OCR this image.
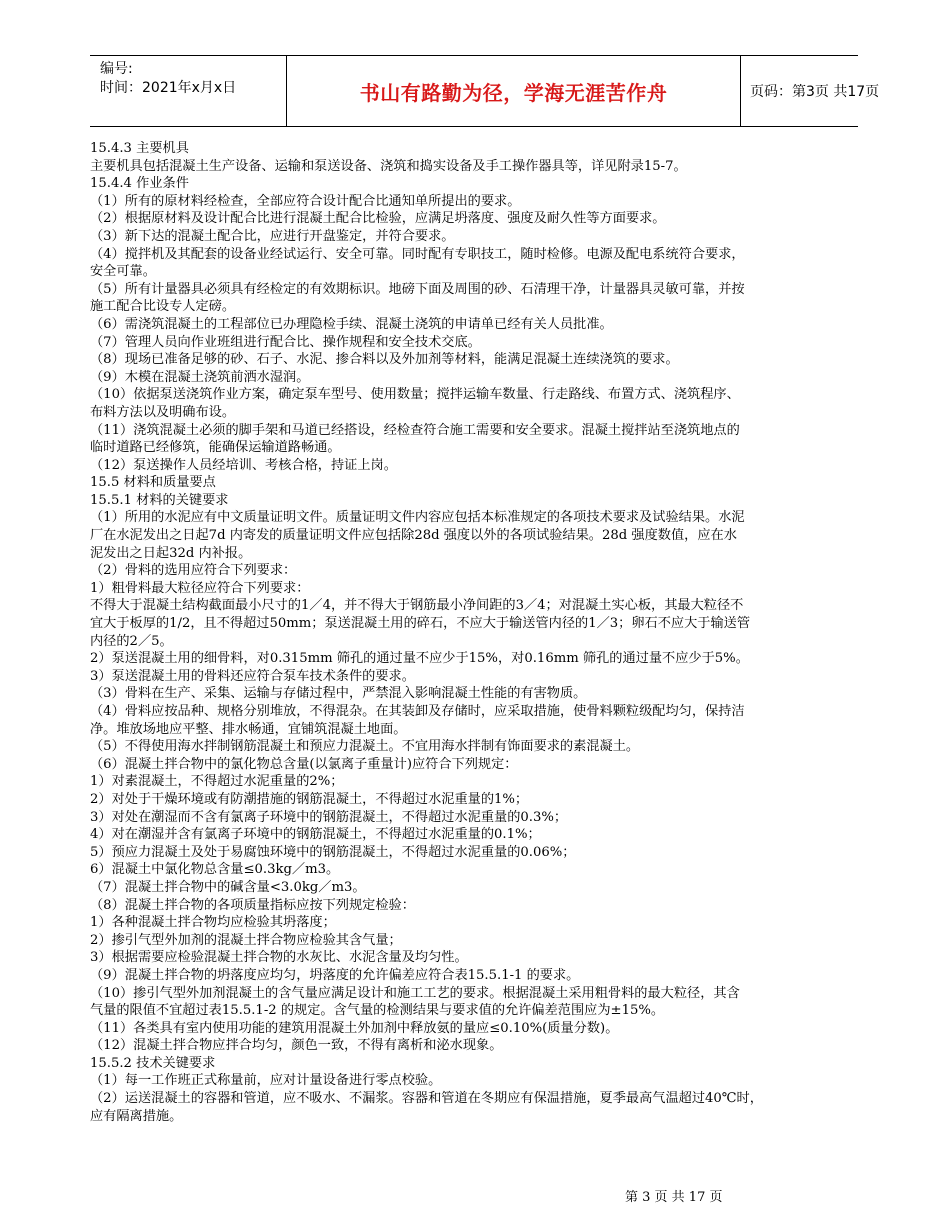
编号:
时间：2021年x月x日	书山有路勤为径，学海无涯苦作舟	页码：第3页 共17页
15.4.3 主要机具
主要机具包括混凝土生产设备、运输和泵送设备、浇筑和捣实设备及手工操作器具等，详见附录15-7。
15.4.4 作业条件
（1）所有的原材料经检查，全部应符合设计配合比通知单所提出的要求。
（2）根据原材料及设计配合比进行混凝土配合比检验，应满足坍落度、强度及耐久性等方面要求。
（3）新下达的混凝土配合比，应进行开盘鉴定，并符合要求。
（4）搅拌机及其配套的设备业经试运行、安全可靠。同时配有专职技工，随时检修。电源及配电系统符合要求，
安全可靠。
（5）所有计量器具必须具有经检定的有效期标识。地磅下面及周围的砂、石清理干净，计量器具灵敏可靠，并按
施工配合比设专人定磅。
（6）需浇筑混凝土的工程部位已办理隐检手续、混凝土浇筑的申请单已经有关人员批准。
（7）管理人员向作业班组进行配合比、操作规程和安全技术交底。
（8）现场已准备足够的砂、石子、水泥、掺合料以及外加剂等材料，能满足混凝土连续浇筑的要求。
（9）木模在混凝土浇筑前洒水湿润。
（10）依据泵送浇筑作业方案，确定泵车型号、使用数量；搅拌运输车数量、行走路线、布置方式、浇筑程序、
布料方法以及明确布设。
（11）浇筑混凝土必须的脚手架和马道已经搭设，经检查符合施工需要和安全要求。混凝土搅拌站至浇筑地点的
临时道路已经修筑，能确保运输道路畅通。
（12）泵送操作人员经培训、考核合格，持证上岗。
15.5 材料和质量要点
15.5.1 材料的关键要求
（1）所用的水泥应有中文质量证明文件。质量证明文件内容应包括本标准规定的各项技术要求及试验结果。水泥
厂在水泥发出之日起7d 内寄发的质量证明文件应包括除28d 强度以外的各项试验结果。28d 强度数值，应在水
泥发出之日起32d 内补报。
（2）骨料的选用应符合下列要求：
1）粗骨料最大粒径应符合下列要求：
不得大于混凝土结构截面最小尺寸的1／4，并不得大于钢筋最小净间距的3／4；对混凝土实心板，其最大粒径不
宜大于板厚的1/2，且不得超过50mm；泵送混凝土用的碎石，不应大于输送管内径的1／3；卵石不应大于输送管
内径的2／5。
2）泵送混凝土用的细骨料，对0.315mm 筛孔的通过量不应少于15%，对0.16mm 筛孔的通过量不应少于5%。
3）泵送混凝土用的骨料还应符合泵车技术条件的要求。
（3）骨料在生产、采集、运输与存储过程中，严禁混入影响混凝土性能的有害物质。
（4）骨料应按品种、规格分别堆放，不得混杂。在其装卸及存储时，应采取措施，使骨料颗粒级配均匀，保持洁
净。堆放场地应平整、排水畅通，宜铺筑混凝土地面。
（5）不得使用海水拌制钢筋混凝土和预应力混凝土。不宜用海水拌制有饰面要求的素混凝土。
（6）混凝土拌合物中的氯化物总含量(以氯离子重量计)应符合下列规定：
1）对素混凝土，不得超过水泥重量的2%；
2）对处于干燥环境或有防潮措施的钢筋混凝土，不得超过水泥重量的1%；
3）对处在潮湿而不含有氯离子环境中的钢筋混凝土，不得超过水泥重量的0.3%；
4）对在潮湿并含有氯离子环境中的钢筋混凝土，不得超过水泥重量的0.1%；
5）预应力混凝土及处于易腐蚀环境中的钢筋混凝土，不得超过水泥重量的0.06%；
6）混凝土中氯化物总含量≤0.3kg／m3。
（7）混凝土拌合物中的碱含量<3.0kg／m3。
（8）混凝土拌合物的各项质量指标应按下列规定检验：
1）各种混凝土拌合物均应检验其坍落度；
2）掺引气型外加剂的混凝土拌合物应检验其含气量；
3）根据需要应检验混凝土拌合物的水灰比、水泥含量及均匀性。
（9）混凝土拌合物的坍落度应均匀，坍落度的允许偏差应符合表15.5.1-1 的要求。
（10）掺引气型外加剂混凝土的含气量应满足设计和施工工艺的要求。根据混凝土采用粗骨料的最大粒径，其含
气量的限值不宜超过表15.5.1-2 的规定。含气量的检测结果与要求值的允许偏差范围应为±15%。
（11）各类具有室内使用功能的建筑用混凝土外加剂中释放氨的量应≤0.10%(质量分数)。
（12）混凝土拌合物应拌合均匀，颜色一致，不得有离析和泌水现象。
15.5.2 技术关键要求
（1）每一工作班正式称量前，应对计量设备进行零点校验。
（2）运送混凝土的容器和管道，应不吸水、不漏浆。容器和管道在冬期应有保温措施，夏季最高气温超过40℃时，
应有隔离措施。
第 3 页 共 17 页
